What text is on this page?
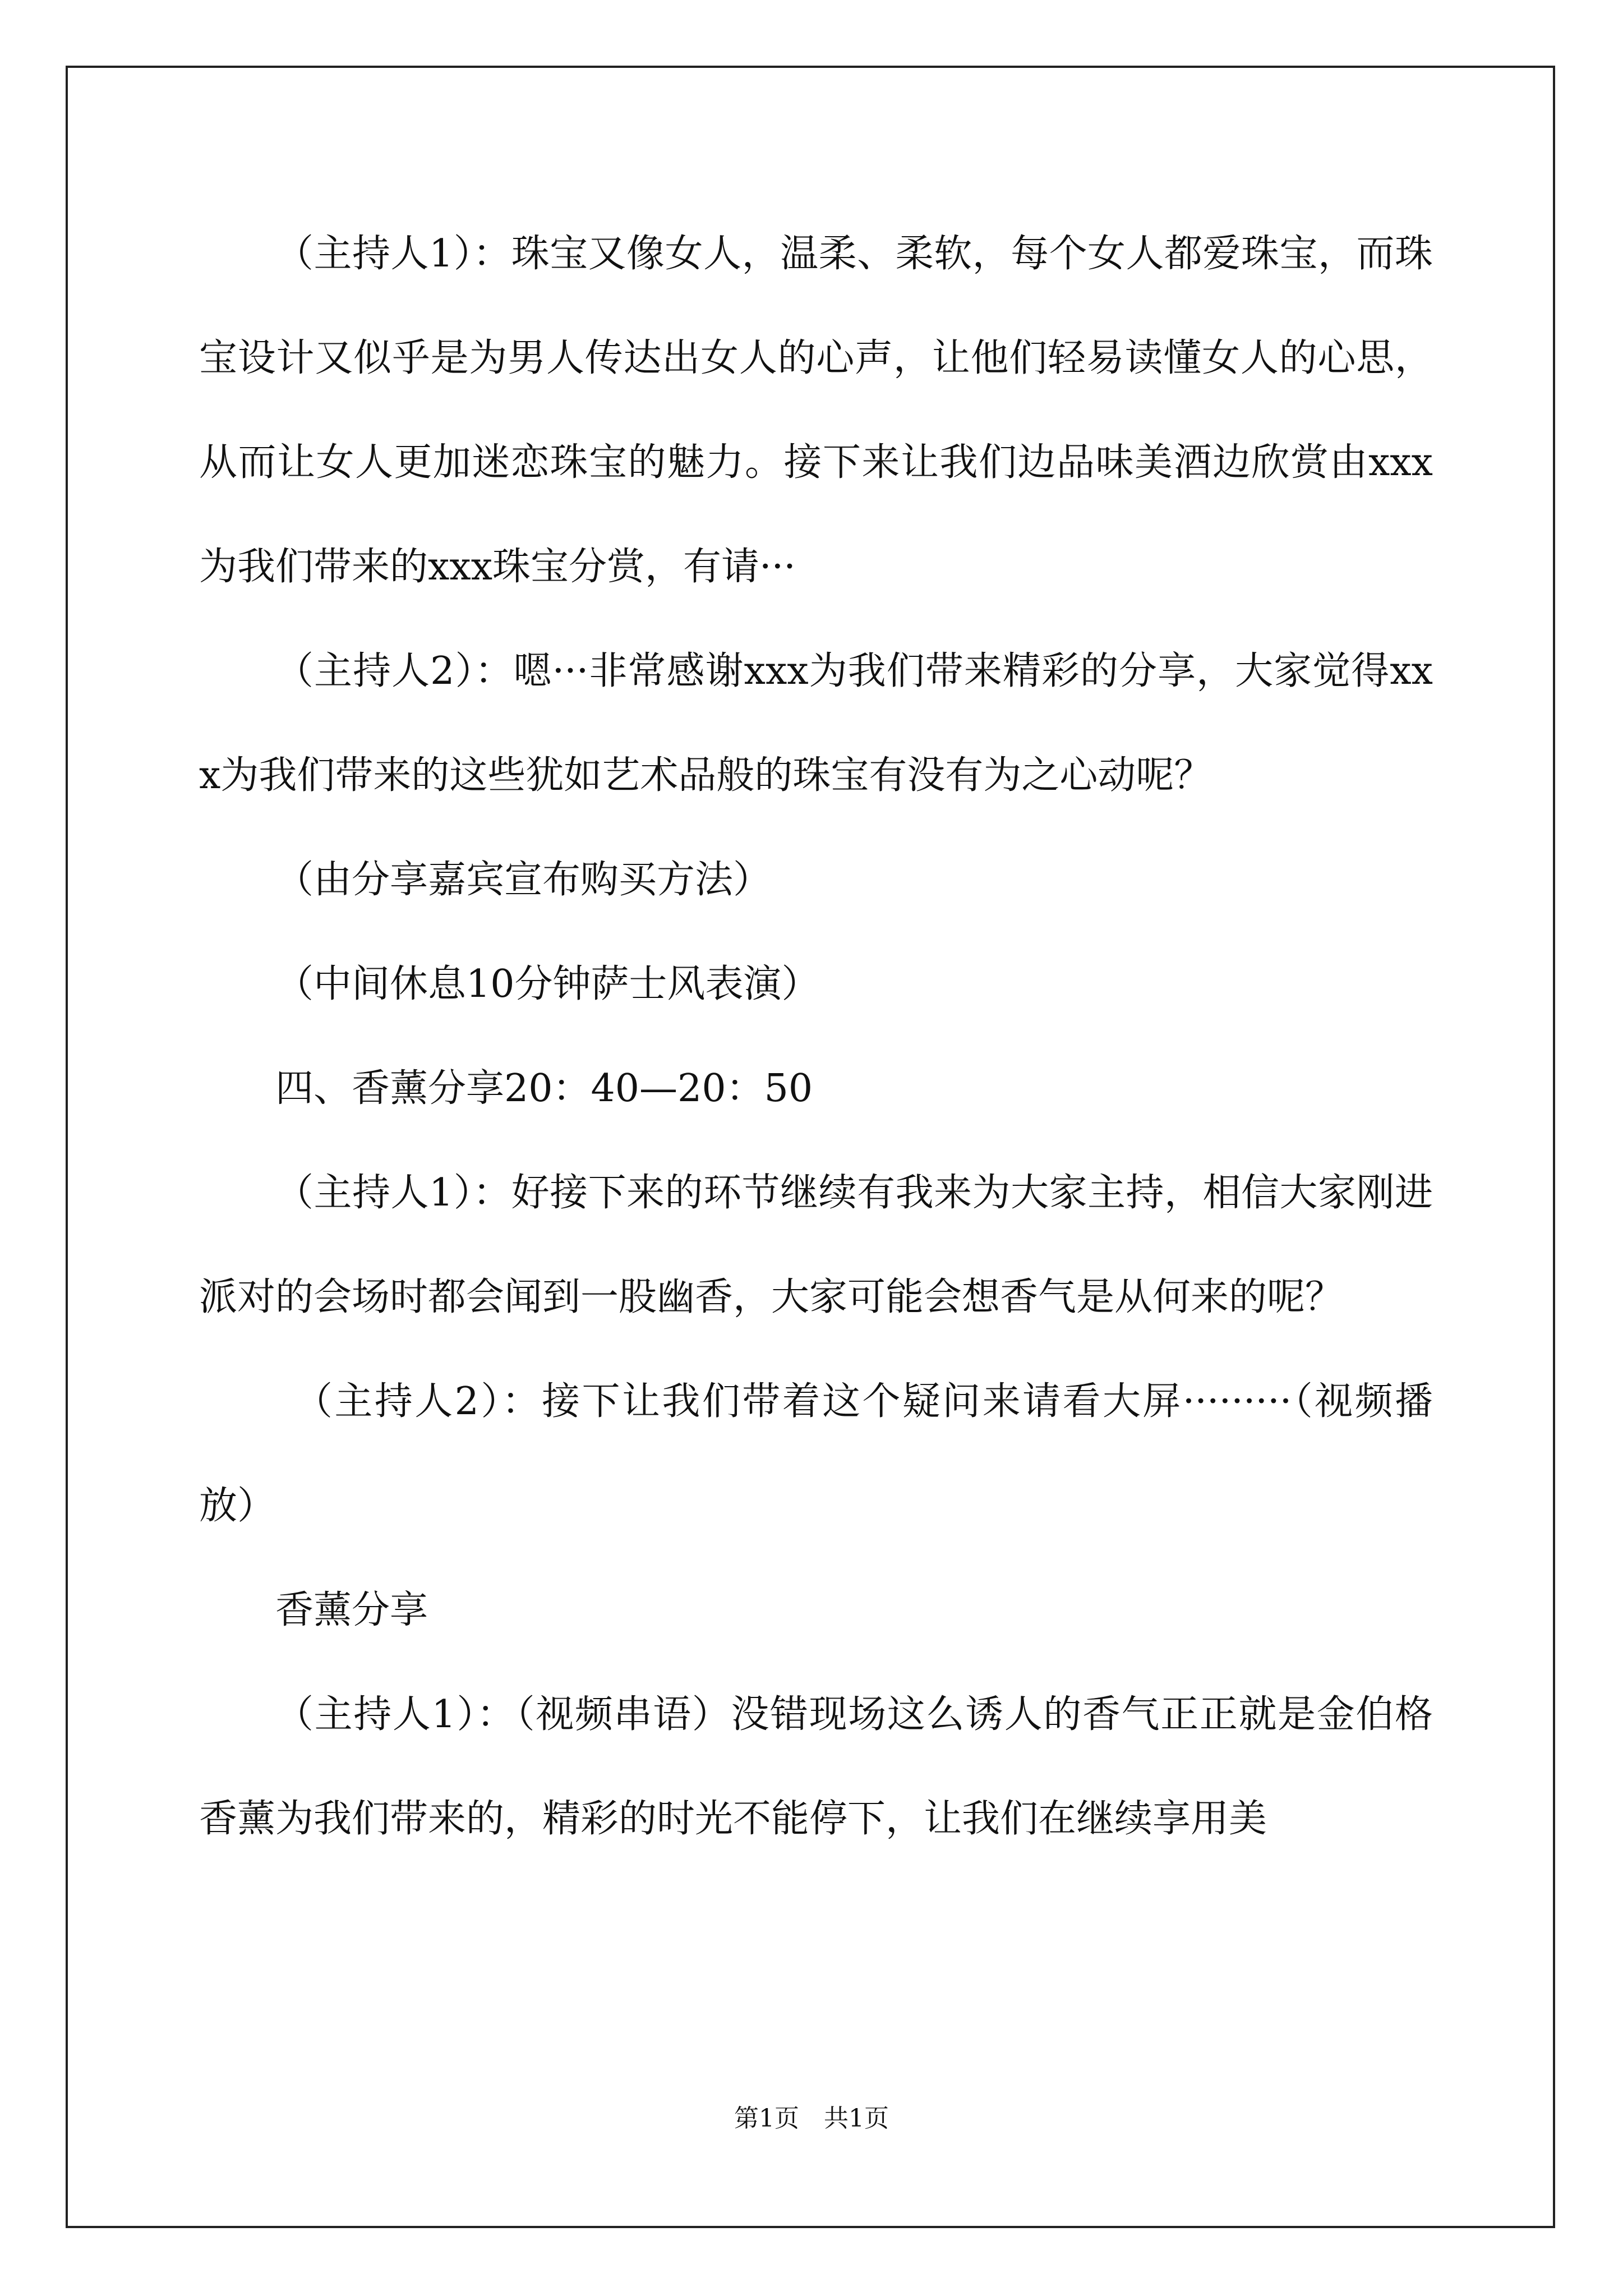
（主持人1）：珠宝又像女人，温柔、柔软，每个女人都爱珠宝，而珠宝设计又似乎是为男人传达出女人的心声，让他们轻易读懂女人的心思，从而让女人更加迷恋珠宝的魅力。接下来让我们边品味美酒边欣赏由xxx为我们带来的xxx珠宝分赏，有请···

（主持人2）：嗯···非常感谢xxx为我们带来精彩的分享，大家觉得xxx为我们带来的这些犹如艺术品般的珠宝有没有为之心动呢？

（由分享嘉宾宣布购买方法）

（中间休息10分钟萨士风表演）

四、香薰分享20：40—20：50

（主持人1）：好接下来的环节继续有我来为大家主持，相信大家刚进派对的会场时都会闻到一股幽香，大家可能会想香气是从何来的呢？

（主持人2）：接下让我们带着这个疑问来请看大屏·········（视频播放）

香薰分享

（主持人1）：（视频串语）没错现场这么诱人的香气正正就是金伯格香薰为我们带来的，精彩的时光不能停下，让我们在继续享用美

第1页　共1页
